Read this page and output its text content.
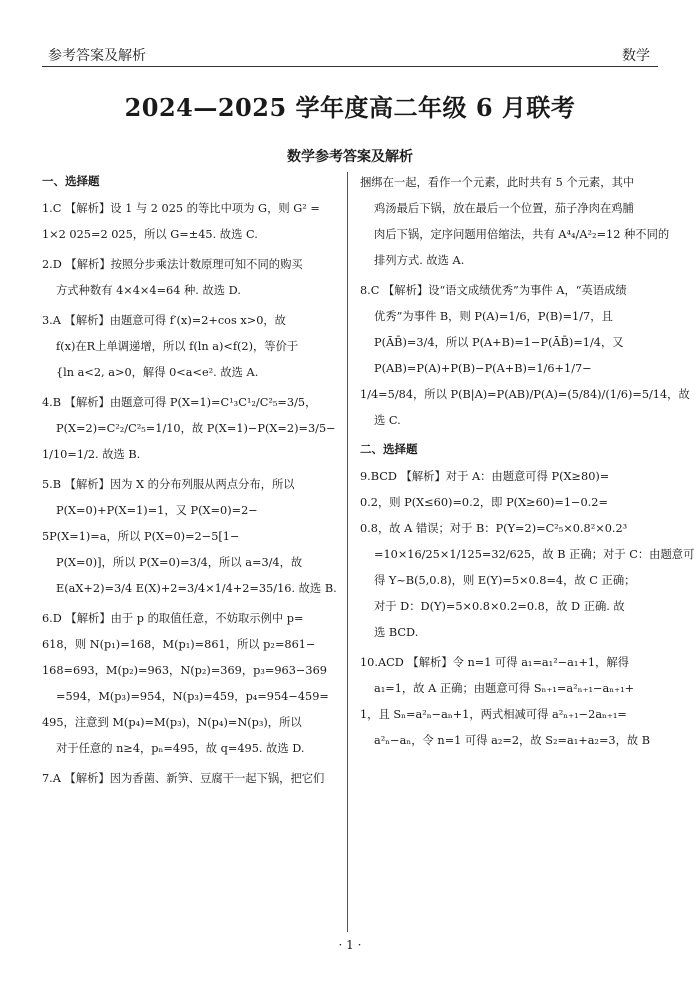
参考答案及解析	数学
2024—2025 学年度高二年级 6 月联考
数学参考答案及解析
一、选择题
1.C 【解析】设 1 与 2 025 的等比中项为 G，则 G² =
1×2 025=2 025，所以 G=±45. 故选 C.
2.D 【解析】按照分步乘法计数原理可知不同的购买
方式种数有 4×4×4=64 种. 故选 D.
3.A 【解析】由题意可得 f′(x)=2+cos x>0，故
f(x)在R上单调递增，所以 f(ln a)<f(2)，等价于
{ln a<2, a>0，解得 0<a<e². 故选 A.
4.B 【解析】由题意可得 P(X=1)=C¹₃C¹₂/C²₅=3/5，
P(X=2)=C²₂/C²₅=1/10，故 P(X=1)−P(X=2)=3/5−
1/10=1/2. 故选 B.
5.B 【解析】因为 X 的分布列服从两点分布，所以
P(X=0)+P(X=1)=1，又 P(X=0)=2−
5P(X=1)=a，所以 P(X=0)=2−5[1−
P(X=0)]，所以 P(X=0)=3/4，所以 a=3/4，故
E(aX+2)=3/4 E(X)+2=3/4×1/4+2=35/16. 故选 B.
6.D 【解析】由于 p 的取值任意，不妨取示例中 p=
618，则 N(p₁)=168，M(p₁)=861，所以 p₂=861−
168=693，M(p₂)=963，N(p₂)=369，p₃=963−369
=594，M(p₃)=954，N(p₃)=459，p₄=954−459=
495，注意到 M(p₄)=M(p₃)，N(p₄)=N(p₃)，所以
对于任意的 n≥4，pₙ=495，故 q=495. 故选 D.
7.A 【解析】因为香菌、新笋、豆腐干一起下锅，把它们
捆绑在一起，看作一个元素，此时共有 5 个元素，其中
鸡汤最后下锅，放在最后一个位置，茄子净肉在鸡脯
肉后下锅，定序问题用倍缩法，共有 A⁴₄/A²₂=12 种不同的
排列方式. 故选 A.
8.C 【解析】设“语文成绩优秀”为事件 A，“英语成绩
优秀”为事件 B，则 P(A)=1/6，P(B)=1/7，且
P(ĀB̄)=3/4，所以 P(A+B)=1−P(ĀB̄)=1/4，又
P(AB)=P(A)+P(B)−P(A+B)=1/6+1/7−
1/4=5/84，所以 P(B|A)=P(AB)/P(A)=(5/84)/(1/6)=5/14，故
选 C.
二、选择题
9.BCD 【解析】对于 A：由题意可得 P(X≥80)=
0.2，则 P(X≤60)=0.2，即 P(X≥60)=1−0.2=
0.8，故 A 错误；对于 B：P(Y=2)=C²₅×0.8²×0.2³
=10×16/25×1/125=32/625，故 B 正确；对于 C：由题意可
得 Y~B(5,0.8)，则 E(Y)=5×0.8=4，故 C 正确；
对于 D：D(Y)=5×0.8×0.2=0.8，故 D 正确. 故
选 BCD.
10.ACD 【解析】令 n=1 可得 a₁=a₁²−a₁+1，解得
a₁=1，故 A 正确；由题意可得 Sₙ₊₁=a²ₙ₊₁−aₙ₊₁+
1，且 Sₙ=a²ₙ−aₙ+1，两式相减可得 a²ₙ₊₁−2aₙ₊₁=
a²ₙ−aₙ，令 n=1 可得 a₂=2，故 S₂=a₁+a₂=3，故 B
· 1 ·
